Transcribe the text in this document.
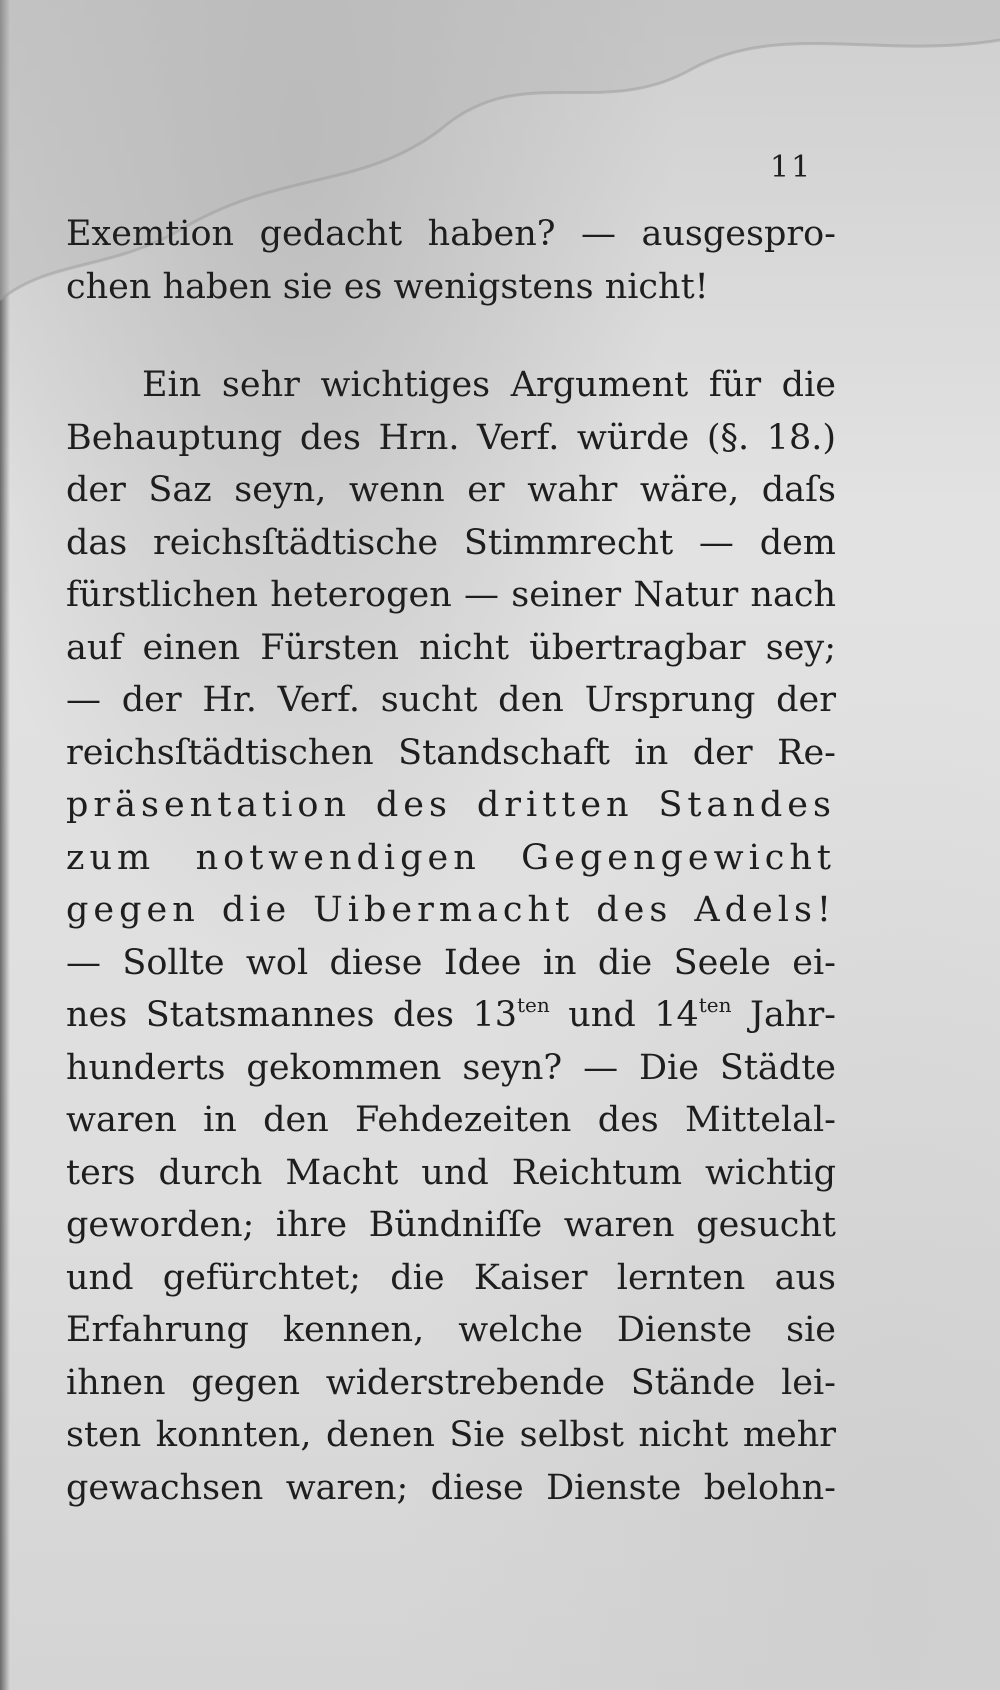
11
Exemtion gedacht haben? — ausgespro-
chen haben sie es wenigstens nicht!
Ein sehr wichtiges Argument für die
Behauptung des Hrn. Verf. würde (§. 18.)
der Saz seyn, wenn er wahr wäre, daſs
das reichsſtädtische Stimmrecht — dem
fürstlichen heterogen — seiner Natur nach
auf einen Fürsten nicht übertragbar sey;
— der Hr. Verf. sucht den Ursprung der
reichsſtädtischen Standschaft in der Re-
präsentation des dritten Standes
zum notwendigen Gegengewicht
gegen die Uibermacht des Adels!
— Sollte wol diese Idee in die Seele ei-
nes Statsmannes des $13^{ten}$ und $14^{ten}$ Jahr-
hunderts gekommen seyn? — Die Städte
waren in den Fehdezeiten des Mittelal-
ters durch Macht und Reichtum wichtig
geworden; ihre Bündniſſe waren gesucht
und gefürchtet; die Kaiser lernten aus
Erfahrung kennen, welche Dienste sie
ihnen gegen widerstrebende Stände lei-
sten konnten, denen Sie selbst nicht mehr
gewachsen waren; diese Dienste belohn-
